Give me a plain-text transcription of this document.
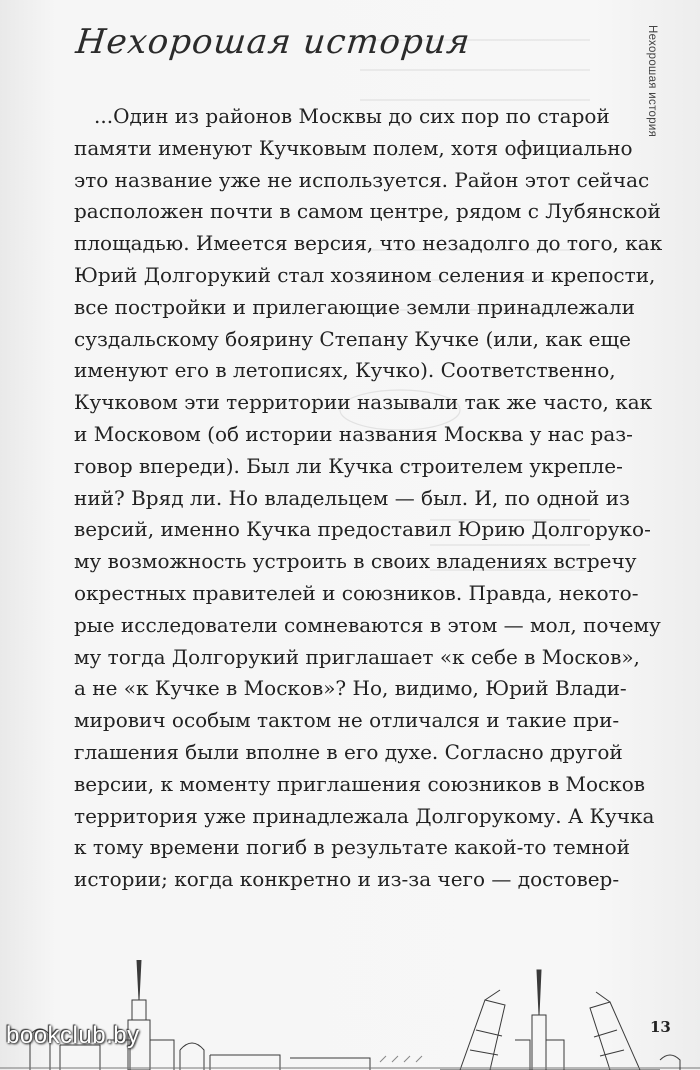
Нехорошая история	Нехорошая история
...Один из районов Москвы до сих пор по старой
памяти именуют Кучковым полем, хотя официально
это название уже не используется. Район этот сейчас
расположен почти в самом центре, рядом с Лубянской
площадью. Имеется версия, что незадолго до того, как
Юрий Долгорукий стал хозяином селения и крепости,
все постройки и прилегающие земли принадлежали
суздальскому боярину Степану Кучке (или, как еще
именуют его в летописях, Кучко). Соответственно,
Кучковом эти территории называли так же часто, как
и Московом (об истории названия Москва у нас раз-
говор впереди). Был ли Кучка строителем укрепле-
ний? Вряд ли. Но владельцем — был. И, по одной из
версий, именно Кучка предоставил Юрию Долгоруко-
му возможность устроить в своих владениях встречу
окрестных правителей и союзников. Правда, некото-
рые исследователи сомневаются в этом — мол, почему
му тогда Долгорукий приглашает «к себе в Москов»,
а не «к Кучке в Москов»? Но, видимо, Юрий Влади-
мирович особым тактом не отличался и такие при-
глашения были вполне в его духе. Согласно другой
версии, к моменту приглашения союзников в Москов
территория уже принадлежала Долгорукому. А Кучка
к тому времени погиб в результате какой-то темной
истории; когда конкретно и из-за чего — достовер-
bookclub.by	13
